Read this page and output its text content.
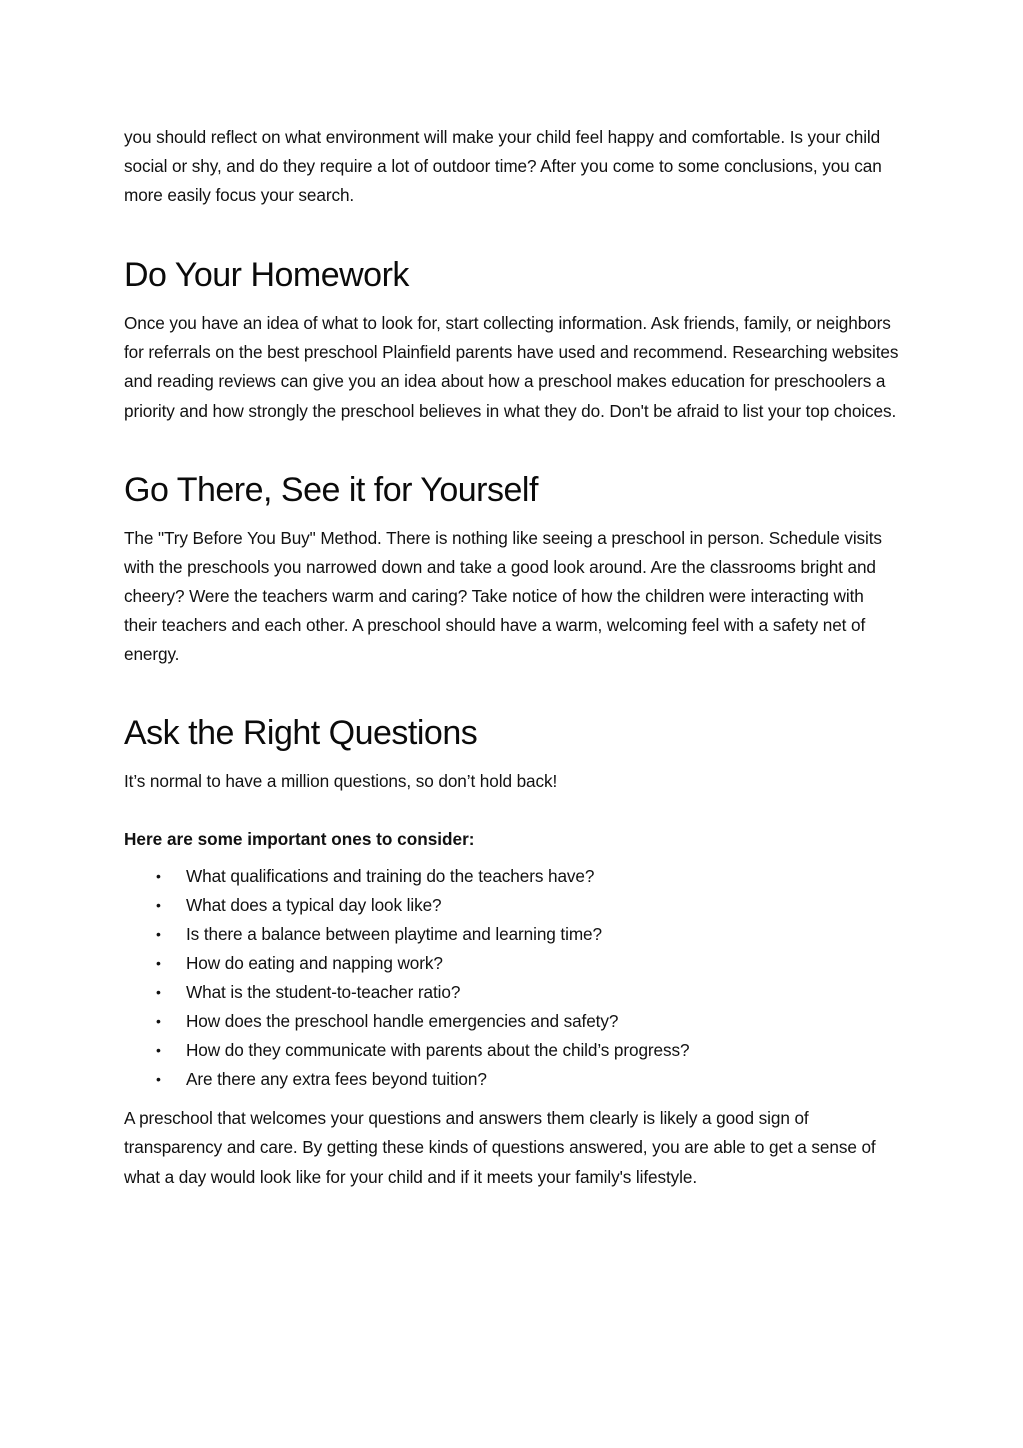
you should reflect on what environment will make your child feel happy and comfortable. Is your child social or shy, and do they require a lot of outdoor time? After you come to some conclusions, you can more easily focus your search.

Do Your Homework

Once you have an idea of what to look for, start collecting information. Ask friends, family, or neighbors for referrals on the best preschool Plainfield parents have used and recommend. Researching websites and reading reviews can give you an idea about how a preschool makes education for preschoolers a priority and how strongly the preschool believes in what they do. Don't be afraid to list your top choices.

Go There, See it for Yourself

The "Try Before You Buy" Method. There is nothing like seeing a preschool in person. Schedule visits with the preschools you narrowed down and take a good look around. Are the classrooms bright and cheery? Were the teachers warm and caring? Take notice of how the children were interacting with their teachers and each other. A preschool should have a warm, welcoming feel with a safety net of energy.

Ask the Right Questions

It’s normal to have a million questions, so don’t hold back!

Here are some important ones to consider:

• What qualifications and training do the teachers have?
• What does a typical day look like?
• Is there a balance between playtime and learning time?
• How do eating and napping work?
• What is the student-to-teacher ratio?
• How does the preschool handle emergencies and safety?
• How do they communicate with parents about the child’s progress?
• Are there any extra fees beyond tuition?

A preschool that welcomes your questions and answers them clearly is likely a good sign of transparency and care. By getting these kinds of questions answered, you are able to get a sense of what a day would look like for your child and if it meets your family's lifestyle.
